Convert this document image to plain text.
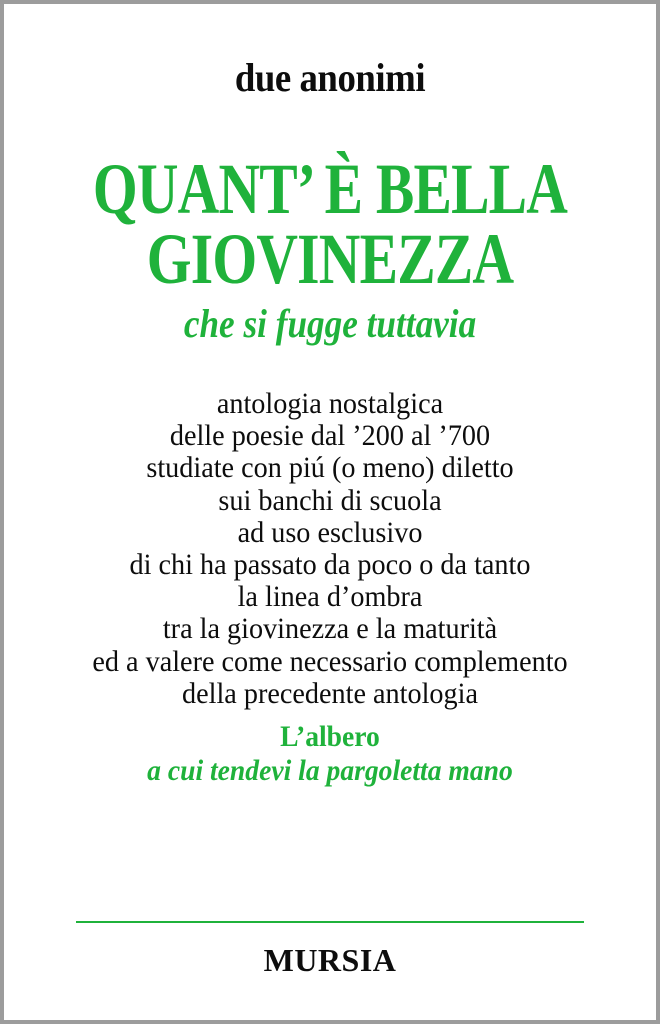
due anonimi
QUANT’ È BELLA
GIOVINEZZA
che si fugge tuttavia
antologia nostalgica
delle poesie dal ’200 al ’700
studiate con piú (o meno) diletto
sui banchi di scuola
ad uso esclusivo
di chi ha passato da poco o da tanto
la linea d’ombra
tra la giovinezza e la maturità
ed a valere come necessario complemento
della precedente antologia
L’albero
a cui tendevi la pargoletta mano
MURSIA
